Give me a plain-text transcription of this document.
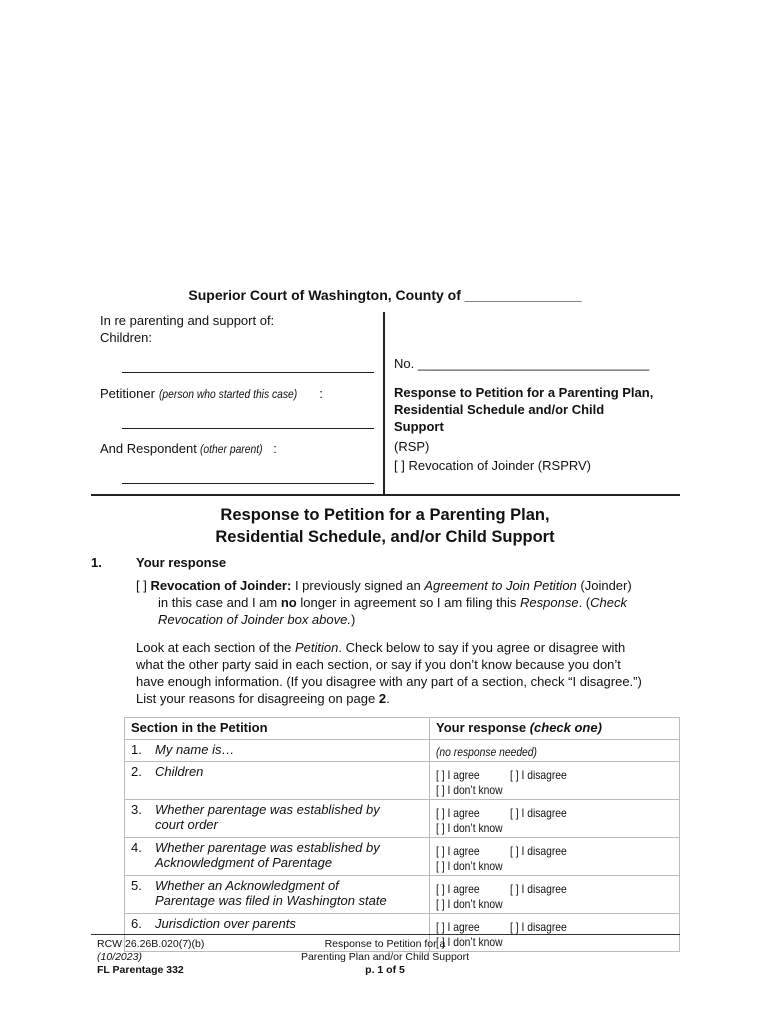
Superior Court of Washington, County of _______________
In re parenting and support of:
Children:
Petitioner (person who started this case) :
And Respondent (other parent) :
No. ________________________________
Response to Petition for a Parenting Plan,
Residential Schedule and/or Child
Support
(RSP)
[ ] Revocation of Joinder (RSPRV)
Response to Petition for a Parenting Plan,
Residential Schedule, and/or Child Support
1.	Your response
[ ] Revocation of Joinder: I previously signed an Agreement to Join Petition (Joinder)
in this case and I am no longer in agreement so I am filing this Response. (Check
Revocation of Joinder box above.)
Look at each section of the Petition. Check below to say if you agree or disagree with
what the other party said in each section, or say if you don’t know because you don’t
have enough information. (If you disagree with any part of a section, check “I disagree.”)
List your reasons for disagreeing on page 2.
Section in the Petition	Your response (check one)
1. My name is…	(no response needed)
2. Children	[ ] I agree [ ] I disagree[ ] I don’t know

3. Whether parentage was established by
court order	[ ] I agree [ ] I disagree[ ] I don’t know

4. Whether parentage was established by
Acknowledgment of Parentage	[ ] I agree [ ] I disagree[ ] I don’t know

5. Whether an Acknowledgment of
Parentage was filed in Washington state	[ ] I agree [ ] I disagree[ ] I don’t know
6. Jurisdiction over parents	[ ] I agree [ ] I disagree[ ] I don’t know
RCW 26.26B.020(7)(b)
(10/2023)
FL Parentage 332
Response to Petition for a
Parenting Plan and/or Child Support
p. 1 of 5
